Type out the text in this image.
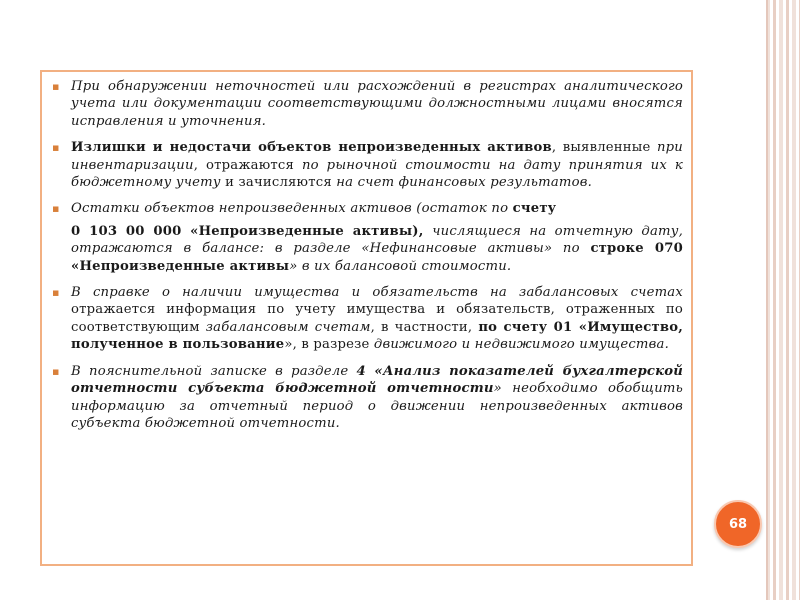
▪ При обнаружении неточностей или расхождений в регистрах аналитического учета или документации соответствующими должностными лицами вносятся исправления и уточнения.
▪ Излишки и недостачи объектов непроизведенных активов, выявленные при инвентаризации, отражаются по рыночной стоимости на дату принятия их к бюджетному учету и зачисляются на счет финансовых результатов.
▪ Остатки объектов непроизведенных активов (остаток по счету
0 103 00 000 «Непроизведенные активы), числящиеся на отчетную дату, отражаются в балансе: в разделе «Нефинансовые активы» по строке 070 «Непроизведенные активы» в их балансовой стоимости.
▪ В справке о наличии имущества и обязательств на забалансовых счетах отражается информация по учету имущества и обязательств, отраженных по соответствующим забалансовым счетам, в частности, по счету 01 «Имущество, полученное в пользование», в разрезе движимого и недвижимого имущества.
▪ В пояснительной записке в разделе 4 «Анализ показателей бухгалтерской отчетности субъекта бюджетной отчетности» необходимо обобщить информацию за отчетный период о движении непроизведенных активов субъекта бюджетной отчетности.
68
